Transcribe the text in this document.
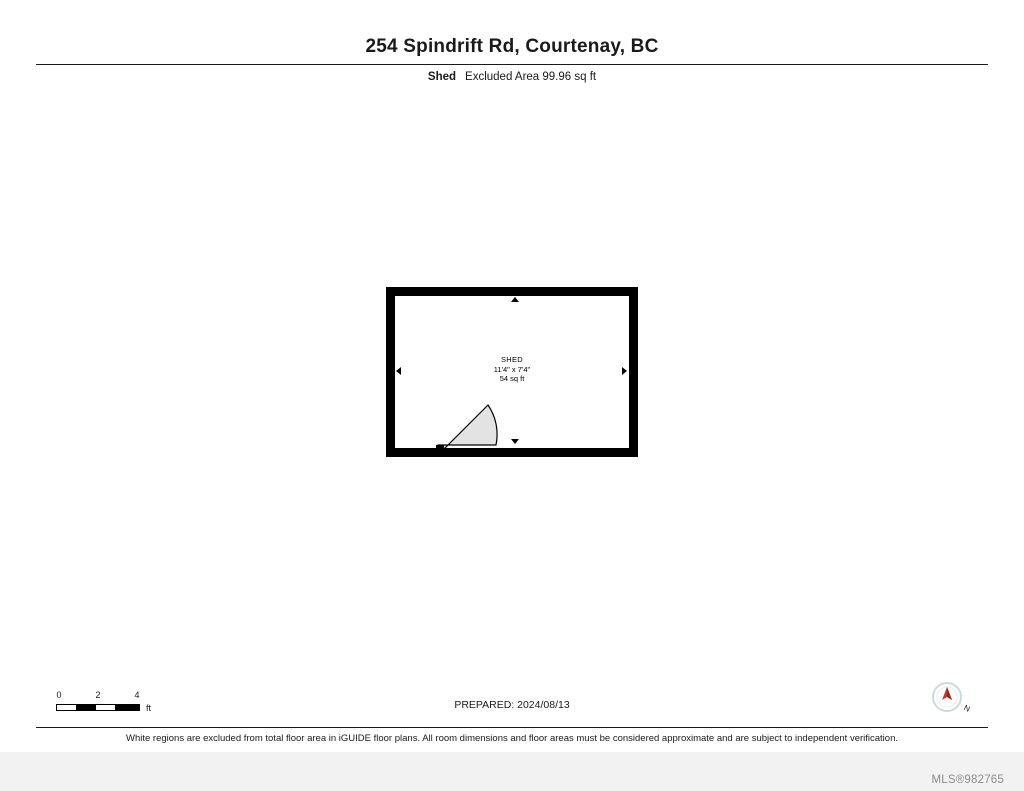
254 Spindrift Rd, Courtenay, BC
Shed Excluded Area 99.96 sq ft
SHED
11'4" x 7'4"
54 sq ft
0	2	4
ft	PREPARED: 2024/08/13	N
White regions are excluded from total floor area in iGUIDE floor plans. All room dimensions and floor areas must be considered approximate and are subject to independent verification.
MLS®982765
